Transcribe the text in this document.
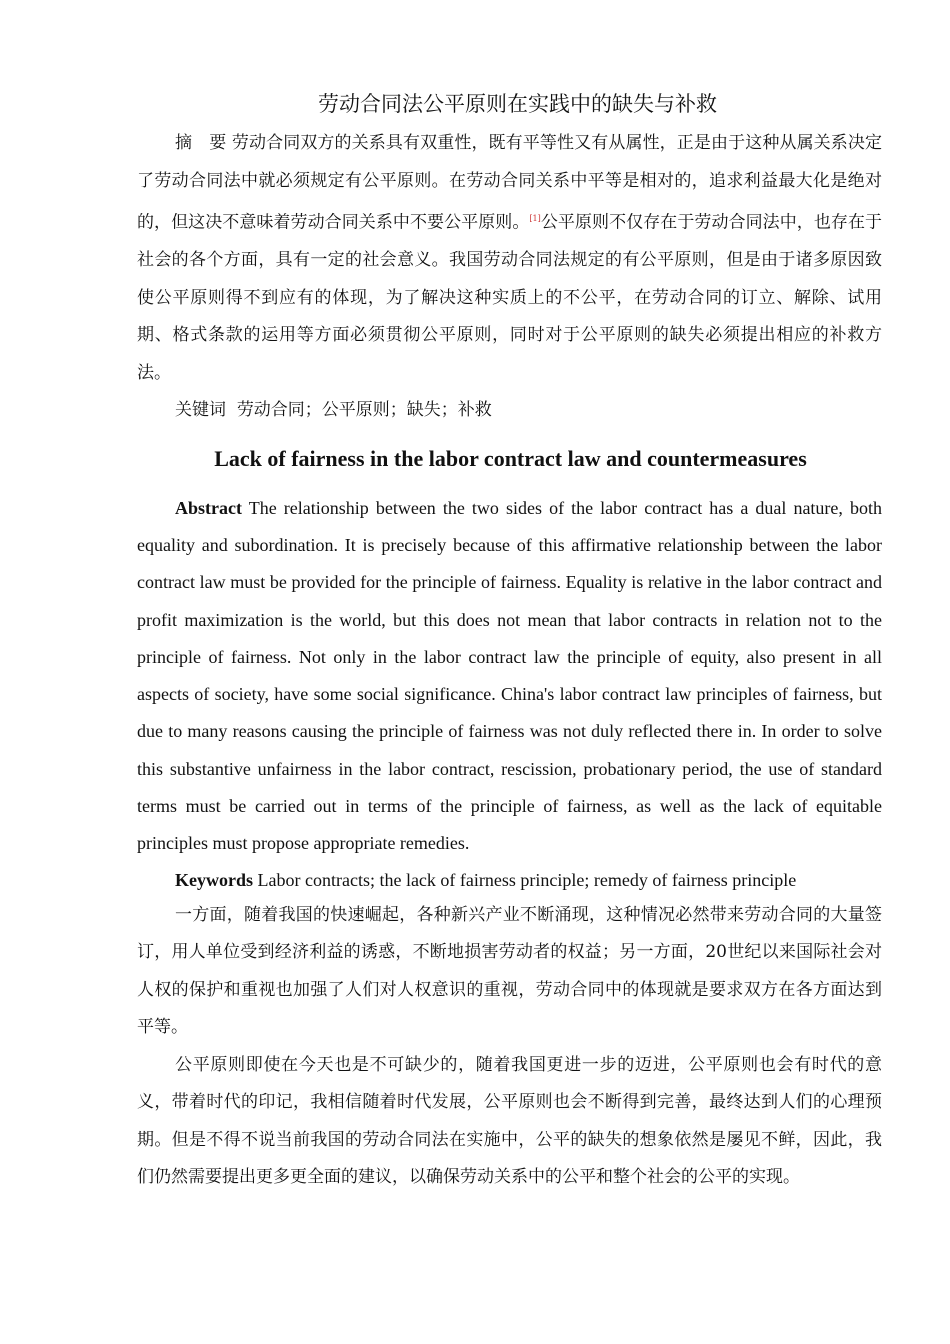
劳动合同法公平原则在实践中的缺失与补救

摘　要 劳动合同双方的关系具有双重性，既有平等性又有从属性，正是由于这种从属关系决定了劳动合同法中就必须规定有公平原则。在劳动合同关系中平等是相对的，追求利益最大化是绝对的，但这决不意味着劳动合同关系中不要公平原则。[1]公平原则不仅存在于劳动合同法中，也存在于社会的各个方面，具有一定的社会意义。我国劳动合同法规定的有公平原则，但是由于诸多原因致使公平原则得不到应有的体现，为了解决这种实质上的不公平，在劳动合同的订立、解除、试用期、格式条款的运用等方面必须贯彻公平原则，同时对于公平原则的缺失必须提出相应的补救方法。

关键词 劳动合同；公平原则；缺失；补救

Lack of fairness in the labor contract law and countermeasures

Abstract The relationship between the two sides of the labor contract has a dual nature, both equality and subordination. It is precisely because of this affirmative relationship between the labor contract law must be provided for the principle of fairness. Equality is relative in the labor contract and profit maximization is the world, but this does not mean that labor contracts in relation not to the principle of fairness. Not only in the labor contract law the principle of equity, also present in all aspects of society, have some social significance. China's labor contract law principles of fairness, but due to many reasons causing the principle of fairness was not duly reflected there in. In order to solve this substantive unfairness in the labor contract, rescission, probationary period, the use of standard terms must be carried out in terms of the principle of fairness, as well as the lack of equitable principles must propose appropriate remedies.

Keywords Labor contracts; the lack of fairness principle; remedy of fairness principle

一方面，随着我国的快速崛起，各种新兴产业不断涌现，这种情况必然带来劳动合同的大量签订，用人单位受到经济利益的诱惑，不断地损害劳动者的权益；另一方面，20世纪以来国际社会对人权的保护和重视也加强了人们对人权意识的重视，劳动合同中的体现就是要求双方在各方面达到平等。

公平原则即使在今天也是不可缺少的，随着我国更进一步的迈进，公平原则也会有时代的意义，带着时代的印记，我相信随着时代发展，公平原则也会不断得到完善，最终达到人们的心理预期。但是不得不说当前我国的劳动合同法在实施中，公平的缺失的想象依然是屡见不鲜，因此，我们仍然需要提出更多更全面的建议，以确保劳动关系中的公平和整个社会的公平的实现。
